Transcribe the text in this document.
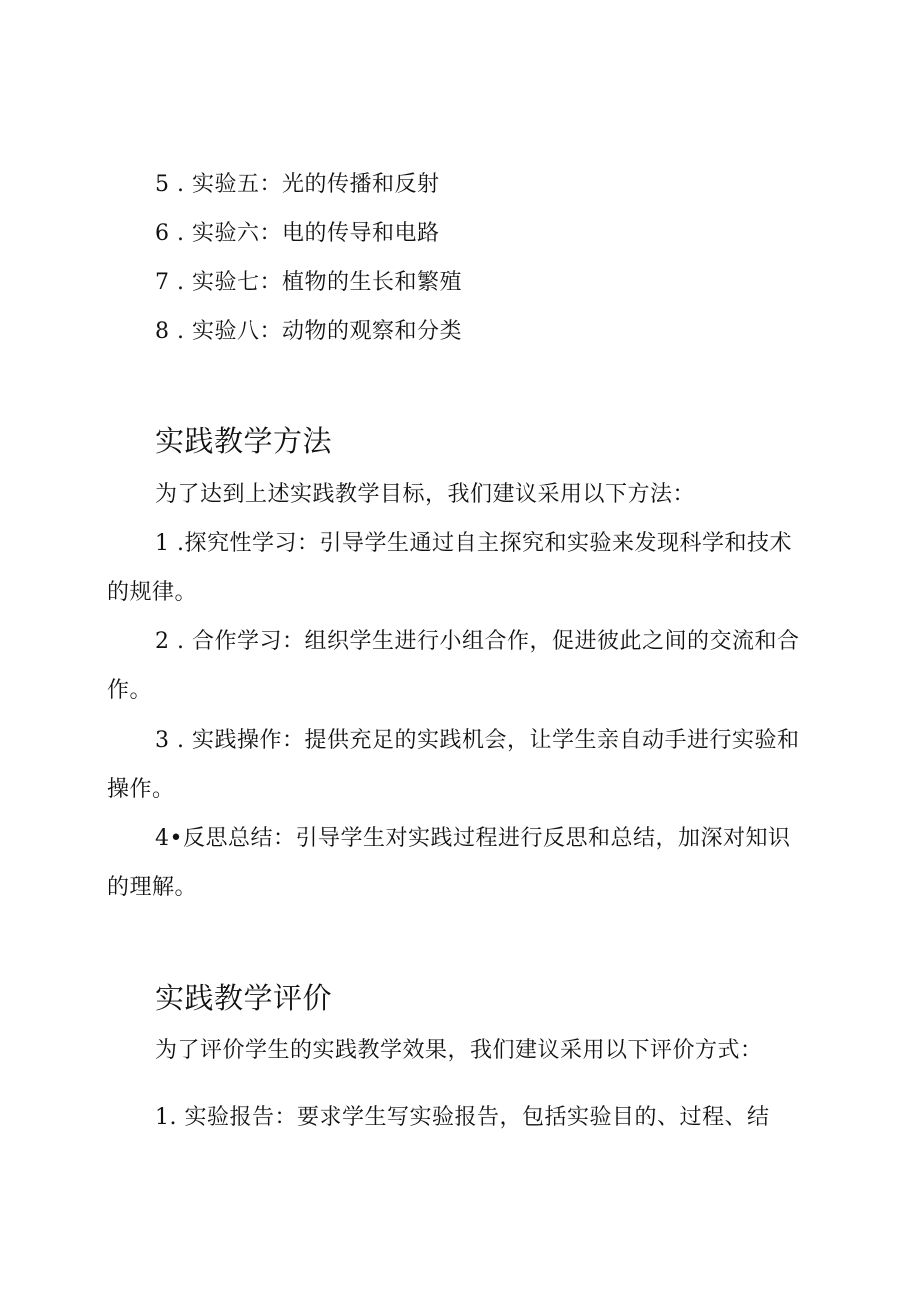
5 . 实验五：光的传播和反射
6 . 实验六：电的传导和电路
7 . 实验七：植物的生长和繁殖
8 . 实验八：动物的观察和分类
实践教学方法
为了达到上述实践教学目标，我们建议采用以下方法：
1 .探究性学习：引导学生通过自主探究和实验来发现科学和技术
的规律。
2 . 合作学习：组织学生进行小组合作，促进彼此之间的交流和合
作。
3 . 实践操作：提供充足的实践机会，让学生亲自动手进行实验和
操作。
4•反思总结：引导学生对实践过程进行反思和总结，加深对知识
的理解。
实践教学评价
为了评价学生的实践教学效果，我们建议采用以下评价方式：
1. 实验报告：要求学生写实验报告，包括实验目的、过程、结
